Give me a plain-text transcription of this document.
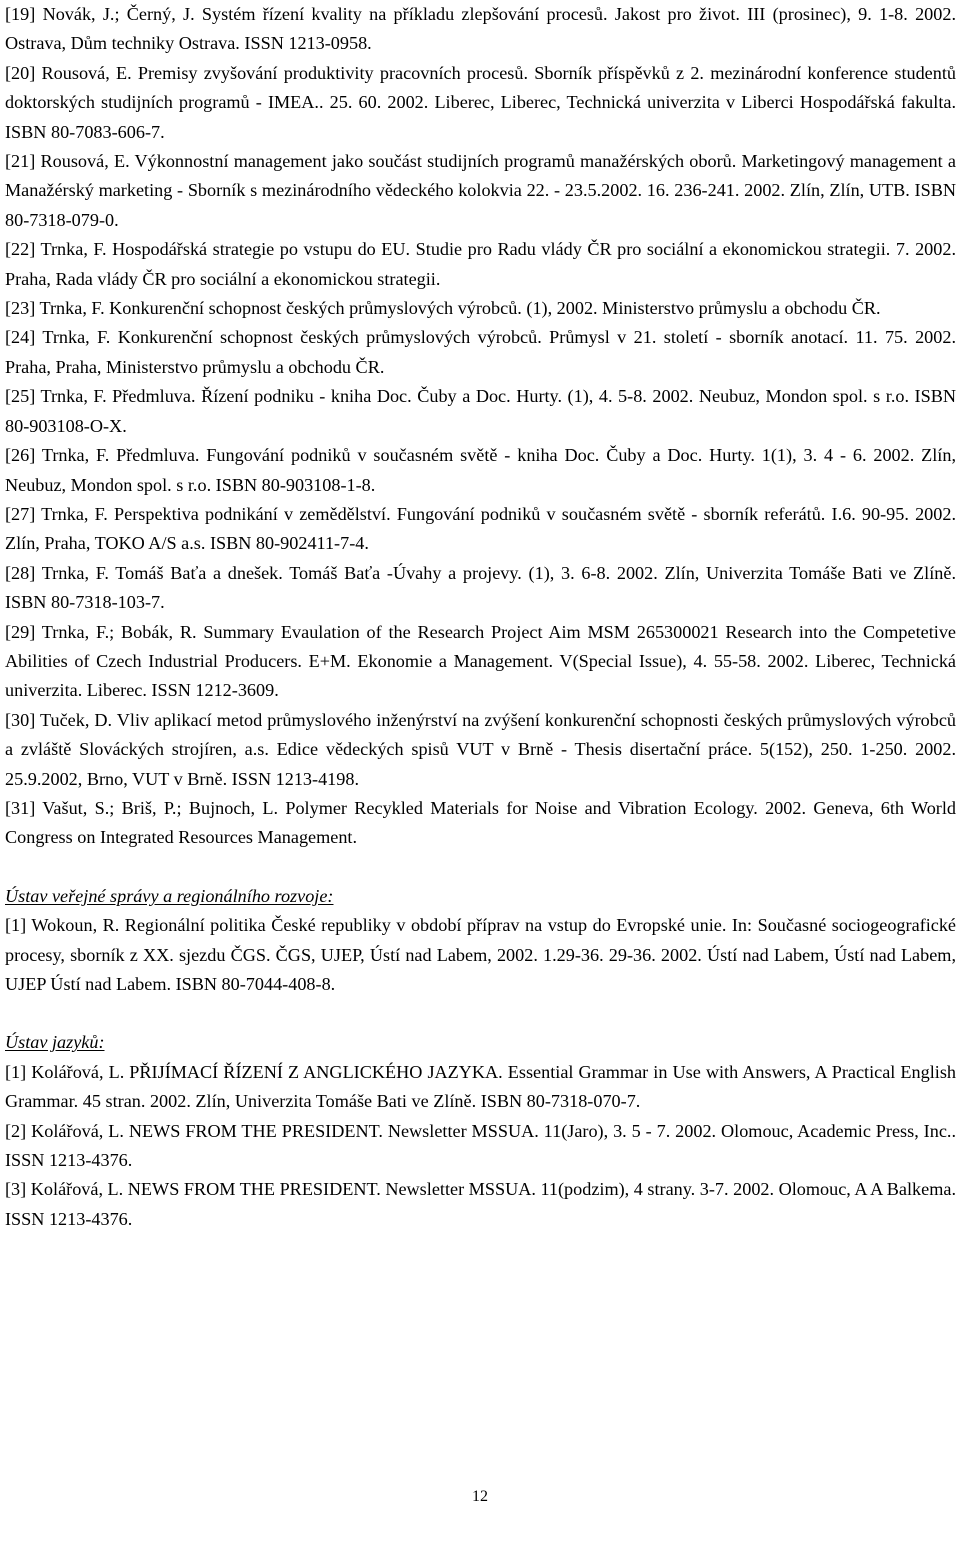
[19] Novák, J.; Černý, J. Systém řízení kvality na příkladu zlepšování procesů. Jakost pro život. III (prosinec), 9. 1-8. 2002. Ostrava, Dům techniky Ostrava. ISSN 1213-0958.

[20] Rousová, E. Premisy zvyšování produktivity pracovních procesů. Sborník příspěvků z 2. mezinárodní konference studentů doktorských studijních programů - IMEA.. 25. 60. 2002. Liberec, Liberec, Technická univerzita v Liberci Hospodářská fakulta. ISBN 80-7083-606-7.

[21] Rousová, E. Výkonnostní management jako součást studijních programů manažérských oborů. Marketingový management a Manažérský marketing - Sborník s mezinárodního vědeckého kolokvia 22. - 23.5.2002. 16. 236-241. 2002. Zlín, Zlín, UTB. ISBN 80-7318-079-0.

[22] Trnka, F. Hospodářská strategie po vstupu do EU. Studie pro Radu vlády ČR pro sociální a ekonomickou strategii. 7. 2002. Praha, Rada vlády ČR pro sociální a ekonomickou strategii.

[23] Trnka, F. Konkurenční schopnost českých průmyslových výrobců. (1), 2002. Ministerstvo průmyslu a obchodu ČR.

[24] Trnka, F. Konkurenční schopnost českých průmyslových výrobců. Průmysl v 21. století - sborník anotací. 11. 75. 2002. Praha, Praha, Ministerstvo průmyslu a obchodu ČR.

[25] Trnka, F. Předmluva. Řízení podniku - kniha Doc. Čuby a Doc. Hurty. (1), 4. 5-8. 2002. Neubuz, Mondon spol. s r.o. ISBN 80-903108-O-X.

[26] Trnka, F. Předmluva. Fungování podniků v současném světě - kniha Doc. Čuby a Doc. Hurty. 1(1), 3. 4 - 6. 2002. Zlín, Neubuz, Mondon spol. s r.o. ISBN 80-903108-1-8.

[27] Trnka, F. Perspektiva podnikání v zemědělství. Fungování podniků v současném světě - sborník referátů. I.6. 90-95. 2002. Zlín, Praha, TOKO A/S a.s. ISBN 80-902411-7-4.

[28] Trnka, F. Tomáš Baťa a dnešek. Tomáš Baťa -Úvahy a projevy. (1), 3. 6-8. 2002. Zlín, Univerzita Tomáše Bati ve Zlíně. ISBN 80-7318-103-7.

[29] Trnka, F.; Bobák, R. Summary Evaulation of the Research Project Aim MSM 265300021 Research into the Competetive Abilities of Czech Industrial Producers. E+M. Ekonomie a Management. V(Special Issue), 4. 55-58. 2002. Liberec, Technická univerzita. Liberec. ISSN 1212-3609.

[30] Tuček, D. Vliv aplikací metod průmyslového inženýrství na zvýšení konkurenční schopnosti českých průmyslových výrobců a zvláště Slováckých strojíren, a.s. Edice vědeckých spisů VUT v Brně - Thesis disertační práce. 5(152), 250. 1-250. 2002. 25.9.2002, Brno, VUT v Brně. ISSN 1213-4198.

[31] Vašut, S.; Briš, P.; Bujnoch, L. Polymer Recykled Materials for Noise and Vibration Ecology. 2002. Geneva, 6th World Congress on Integrated Resources Management.

Ústav veřejné správy a regionálního rozvoje:

[1] Wokoun, R. Regionální politika České republiky v období příprav na vstup do Evropské unie. In: Současné sociogeografické procesy, sborník z XX. sjezdu ČGS. ČGS, UJEP, Ústí nad Labem, 2002. 1.29-36. 29-36. 2002. Ústí nad Labem, Ústí nad Labem, UJEP Ústí nad Labem. ISBN 80-7044-408-8.

Ústav jazyků:

[1] Kolářová, L. PŘIJÍMACÍ ŘÍZENÍ Z ANGLICKÉHO JAZYKA. Essential Grammar in Use with Answers, A Practical English Grammar. 45 stran. 2002. Zlín, Univerzita Tomáše Bati ve Zlíně. ISBN 80-7318-070-7.

[2] Kolářová, L. NEWS FROM THE PRESIDENT. Newsletter MSSUA. 11(Jaro), 3. 5 - 7. 2002. Olomouc, Academic Press, Inc.. ISSN 1213-4376.

[3] Kolářová, L. NEWS FROM THE PRESIDENT. Newsletter MSSUA. 11(podzim), 4 strany. 3-7. 2002. Olomouc, A A Balkema. ISSN 1213-4376.

12
